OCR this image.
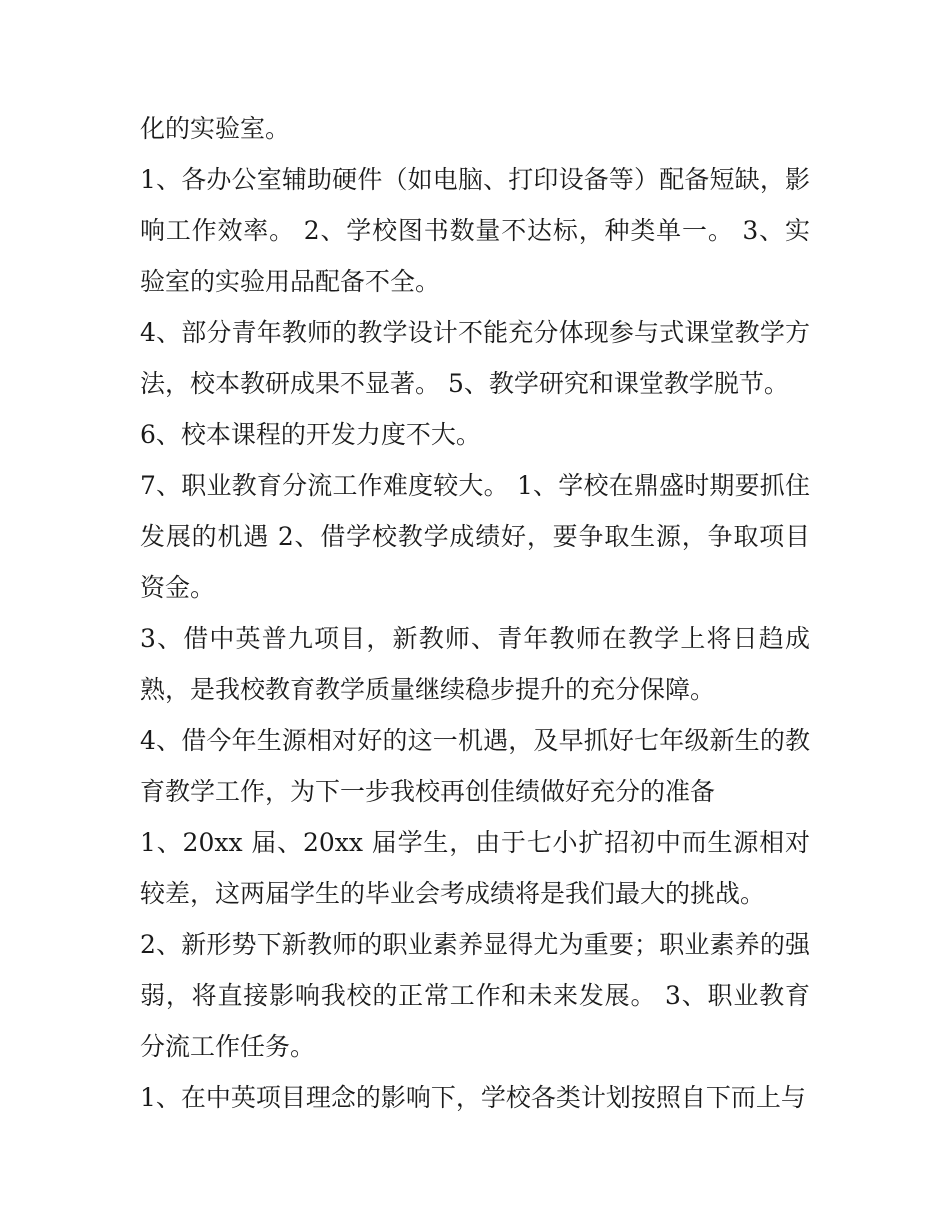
化的实验室。

1、各办公室辅助硬件（如电脑、打印设备等）配备短缺，影响工作效率。 2、学校图书数量不达标，种类单一。 3、实验室的实验用品配备不全。

4、部分青年教师的教学设计不能充分体现参与式课堂教学方法，校本教研成果不显著。 5、教学研究和课堂教学脱节。

6、校本课程的开发力度不大。

7、职业教育分流工作难度较大。 1、学校在鼎盛时期要抓住发展的机遇 2、借学校教学成绩好，要争取生源，争取项目资金。

3、借中英普九项目，新教师、青年教师在教学上将日趋成熟，是我校教育教学质量继续稳步提升的充分保障。

4、借今年生源相对好的这一机遇，及早抓好七年级新生的教育教学工作，为下一步我校再创佳绩做好充分的准备

1、20xx 届、20xx 届学生，由于七小扩招初中而生源相对较差，这两届学生的毕业会考成绩将是我们最大的挑战。

2、新形势下新教师的职业素养显得尤为重要；职业素养的强弱，将直接影响我校的正常工作和未来发展。 3、职业教育分流工作任务。

1、在中英项目理念的影响下，学校各类计划按照自下而上与
